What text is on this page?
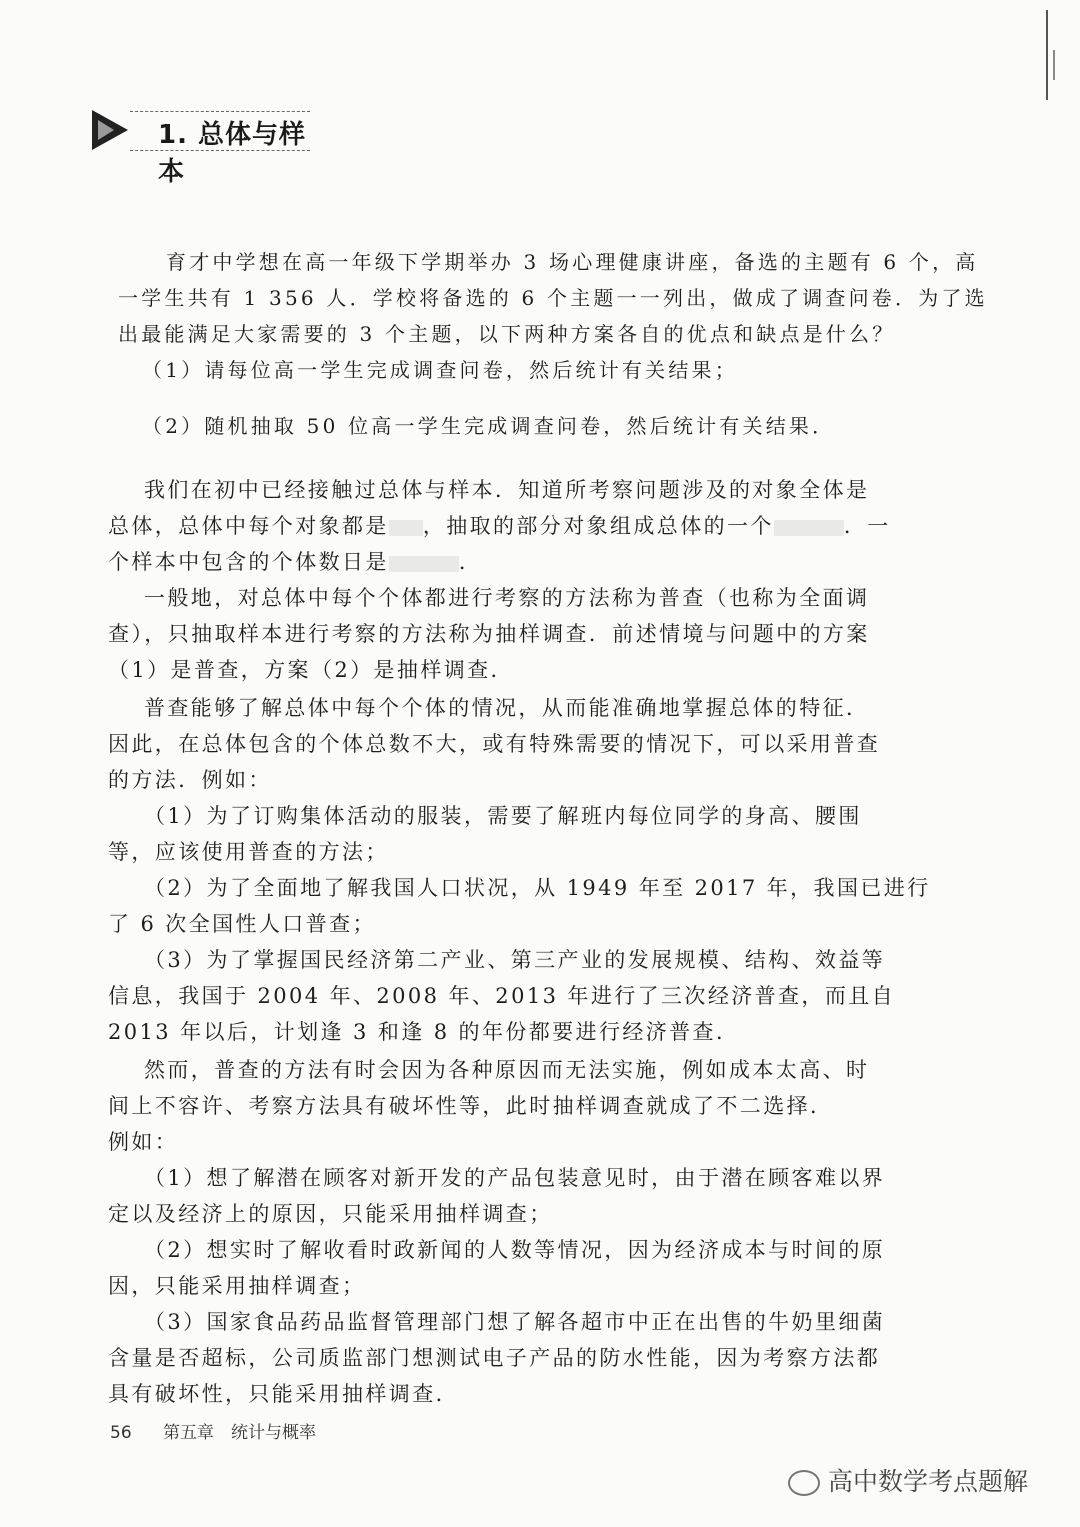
1. 总体与样本
育才中学想在高一年级下学期举办 3 场心理健康讲座，备选的主题有 6 个，高
一学生共有 1 356 人．学校将备选的 6 个主题一一列出，做成了调查问卷．为了选
出最能满足大家需要的 3 个主题，以下两种方案各自的优点和缺点是什么？
（1）请每位高一学生完成调查问卷，然后统计有关结果；
（2）随机抽取 50 位高一学生完成调查问卷，然后统计有关结果．
我们在初中已经接触过总体与样本．知道所考察问题涉及的对象全体是
总体，总体中每个对象都是 ，抽取的部分对象组成总体的一个	．一
个样本中包含的个体数日是	．
一般地，对总体中每个个体都进行考察的方法称为普查（也称为全面调
查），只抽取样本进行考察的方法称为抽样调查．前述情境与问题中的方案
（1）是普查，方案（2）是抽样调查．
普查能够了解总体中每个个体的情况，从而能准确地掌握总体的特征．
因此，在总体包含的个体总数不大，或有特殊需要的情况下，可以采用普查
的方法．例如：
（1）为了订购集体活动的服装，需要了解班内每位同学的身高、腰围
等，应该使用普查的方法；
（2）为了全面地了解我国人口状况，从 1949 年至 2017 年，我国已进行
了 6 次全国性人口普查；
（3）为了掌握国民经济第二产业、第三产业的发展规模、结构、效益等
信息，我国于 2004 年、2008 年、2013 年进行了三次经济普查，而且自
2013 年以后，计划逢 3 和逢 8 的年份都要进行经济普查．
然而，普查的方法有时会因为各种原因而无法实施，例如成本太高、时
间上不容许、考察方法具有破坏性等，此时抽样调查就成了不二选择．
例如：
（1）想了解潜在顾客对新开发的产品包装意见时，由于潜在顾客难以界
定以及经济上的原因，只能采用抽样调查；
（2）想实时了解收看时政新闻的人数等情况，因为经济成本与时间的原
因，只能采用抽样调查；
（3）国家食品药品监督管理部门想了解各超市中正在出售的牛奶里细菌
含量是否超标，公司质监部门想测试电子产品的防水性能，因为考察方法都
具有破坏性，只能采用抽样调查．
56 第五章　统计与概率
高中数学考点题解
